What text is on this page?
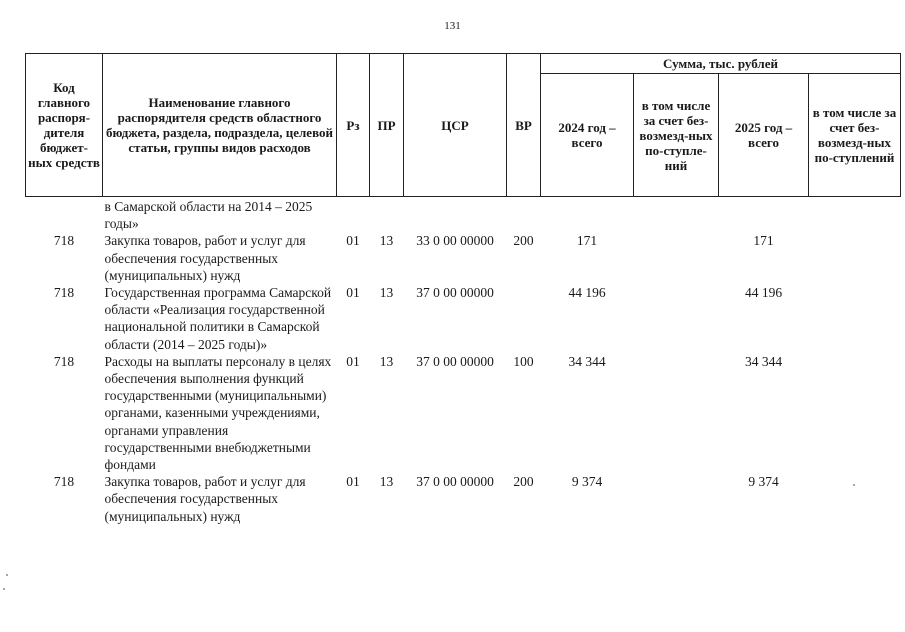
131
Код главного распоря-дителя бюджет-ных средств	Наименование главного распорядителя средств областного бюджета, раздела, подраздела, целевой статьи, группы видов расходов	Рз	ПР	ЦСР	ВР	Сумма, тыс. рублей			
						2024 год – всего	в том числе за счет без-возмезд-ных по-ступле-ний	2025 год – всего	в том числе за счет без-возмезд-ных по-ступлений
	в Самарской области на 2014 – 2025 годы»								
718	Закупка товаров, работ и услуг для обеспечения государственных (муниципальных) нужд	01	13	33 0 00 00000	200	171		171	
718	Государственная программа Самарской области «Реализация государственной национальной политики в Самарской области (2014 – 2025 годы)»	01	13	37 0 00 00000		44 196		44 196	
718	Расходы на выплаты персоналу в целях обеспечения выполнения функций государственными (муниципальными) органами, казенными учреждениями, органами управления государственными внебюджетными фондами	01	13	37 0 00 00000	100	34 344		34 344	
718	Закупка товаров, работ и услуг для обеспечения государственных (муниципальных) нужд	01	13	37 0 00 00000	200	9 374		9 374	
